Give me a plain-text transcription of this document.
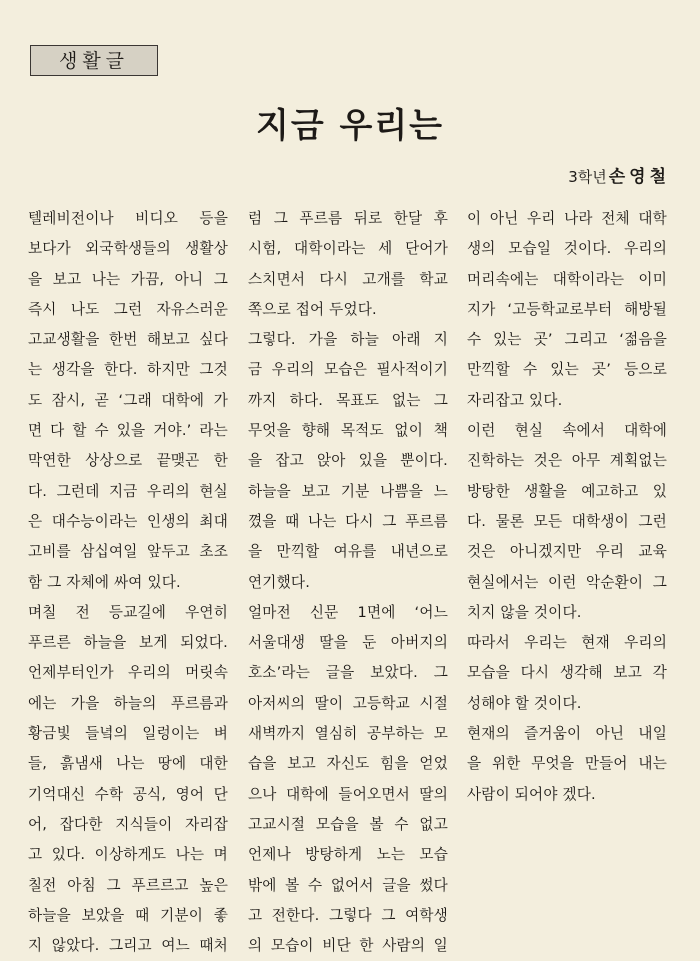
생활글
지금 우리는
3학년 손영철
텔레비전이나 비디오 등을
보다가 외국학생들의 생활상
을 보고 나는 가끔, 아니 그
즉시 나도 그런 자유스러운
고교생활을 한번 해보고 싶다
는 생각을 한다. 하지만 그것
도 잠시, 곧 ‘그래 대학에 가
면 다 할 수 있을 거야.’ 라는
막연한 상상으로 끝맺곤 한
다. 그런데 지금 우리의 현실
은 대수능이라는 인생의 최대
고비를 삼십여일 앞두고 초조
함 그 자체에 싸여 있다.
며칠 전 등교길에 우연히
푸르른 하늘을 보게 되었다.
언제부터인가 우리의 머릿속
에는 가을 하늘의 푸르름과
황금빛 들녘의 일렁이는 벼
들, 흙냄새 나는 땅에 대한
기억대신 수학 공식, 영어 단
어, 잡다한 지식들이 자리잡
고 있다. 이상하게도 나는 며
칠전 아침 그 푸르르고 높은
하늘을 보았을 때 기분이 좋
지 않았다. 그리고 여느 때처
럼 그 푸르름 뒤로 한달 후
시험, 대학이라는 세 단어가
스치면서 다시 고개를 학교
쪽으로 접어 두었다.
그렇다. 가을 하늘 아래 지
금 우리의 모습은 필사적이기
까지 하다. 목표도 없는 그
무엇을 향해 목적도 없이 책
을 잡고 앉아 있을 뿐이다.
하늘을 보고 기분 나쁨을 느
꼈을 때 나는 다시 그 푸르름
을 만끽할 여유를 내년으로
연기했다.
얼마전 신문 1면에 ‘어느
서울대생 딸을 둔 아버지의
호소’라는 글을 보았다. 그
아저씨의 딸이 고등학교 시절
새벽까지 열심히 공부하는 모
습을 보고 자신도 힘을 얻었
으나 대학에 들어오면서 딸의
고교시절 모습을 볼 수 없고
언제나 방탕하게 노는 모습
밖에 볼 수 없어서 글을 썼다
고 전한다. 그렇다 그 여학생
의 모습이 비단 한 사람의 일
이 아닌 우리 나라 전체 대학
생의 모습일 것이다. 우리의
머리속에는 대학이라는 이미
지가 ‘고등학교로부터 해방될
수 있는 곳’ 그리고 ‘젊음을
만끽할 수 있는 곳’ 등으로
자리잡고 있다.
이런 현실 속에서 대학에
진학하는 것은 아무 계획없는
방탕한 생활을 예고하고 있
다. 물론 모든 대학생이 그런
것은 아니겠지만 우리 교육
현실에서는 이런 악순환이 그
치지 않을 것이다.
따라서 우리는 현재 우리의
모습을 다시 생각해 보고 각
성해야 할 것이다.
현재의 즐거움이 아닌 내일
을 위한 무엇을 만들어 내는
사람이 되어야 겠다.
